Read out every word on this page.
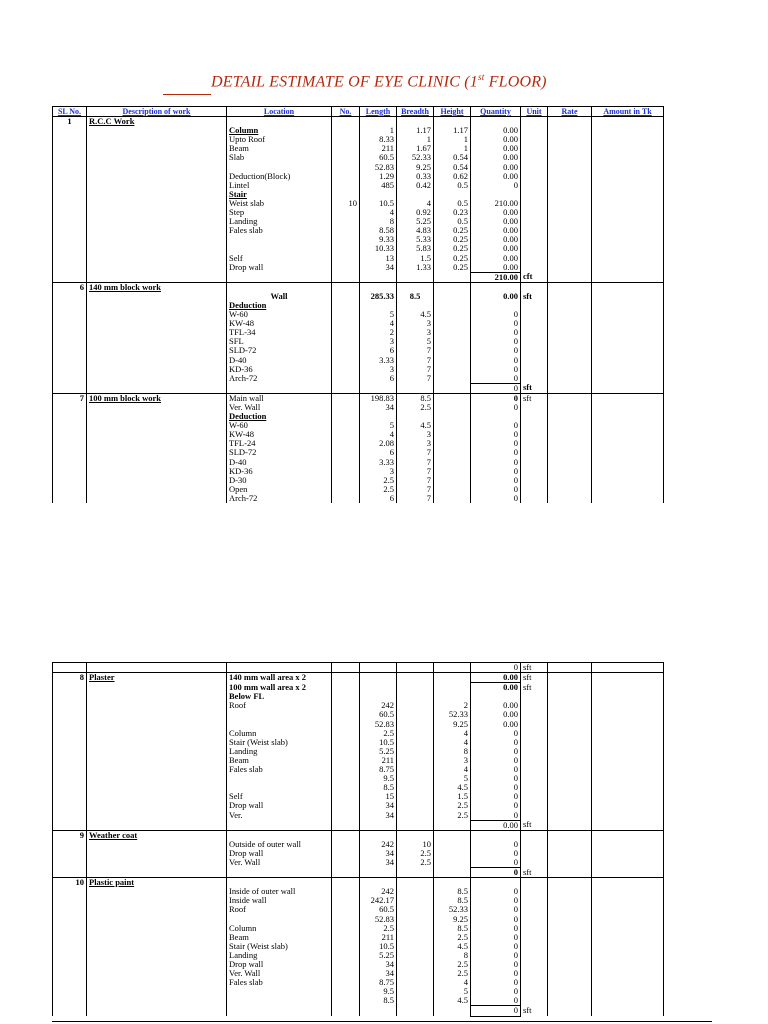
DETAIL ESTIMATE OF EYE CLINIC (1st FLOOR)
SL No.	Description of work	Location	No.	Length	Breadth	Height	Quantity	Unit	Rate	Amount in Tk
1	R.C.C Work									
		Column		1	1.17	1.17	0.00			
		Upto Roof		8.33	1	1	0.00			
		Beam		211	1.67	1	0.00			
		Slab		60.5	52.33	0.54	0.00			
				52.83	9.25	0.54	0.00			
		Deduction(Block)		1.29	0.33	0.62	0.00			
		Lintel		485	0.42	0.5	0			
		Stair								
		Weist slab	10	10.5	4	0.5	210.00			
		Step		4	0.92	0.23	0.00			
		Landing		8	5.25	0.5	0.00			
		Fales slab		8.58	4.83	0.25	0.00			
				9.33	5.33	0.25	0.00			
				10.33	5.83	0.25	0.00			
		Self		13	1.5	0.25	0.00			
		Drop wall		34	1.33	0.25	0.00			
							210.00	cft		
6	140 mm block work									
		Wall		285.33	8.5		0.00	sft		
		Deduction								
		W-60		5	4.5		0			
		KW-48		4	3		0			
		TFL-34		2	3		0			
		SFL		3	5		0			
		SLD-72		6	7		0			
		D-40		3.33	7		0			
		KD-36		3	7		0			
		Arch-72		6	7		0			
							0	sft		
7	100 mm block work	Main wall		198.83	8.5		0	sft		
		Ver. Wall		34	2.5		0			
		Deduction								
		W-60		5	4.5		0			
		KW-48		4	3		0			
		TFL-24		2.08	3		0			
		SLD-72		6	7		0			
		D-40		3.33	7		0			
		KD-36		3	7		0			
		D-30		2.5	7		0			
		Open		2.5	7		0			
		Arch-72		6	7		0			
							0	sft		
8	Plaster	140 mm wall area x 2					0.00	sft		
		100 mm wall area x 2					0.00	sft		
		Below FL								
		Roof		242		2	0.00			
				60.5		52.33	0.00			
				52.83		9.25	0.00			
		Column		2.5		4	0			
		Stair (Weist slab)		10.5		4	0			
		Landing		5.25		8	0			
		Beam		211		3	0			
		Fales slab		8.75		4	0			
				9.5		5	0			
				8.5		4.5	0			
		Self		15		1.5	0			
		Drop wall		34		2.5	0			
		Ver.		34		2.5	0			
							0.00	sft		
9	Weather coat									

		Outside of outer wall		242	10		0			
		Drop wall		34	2.5		0			
		Ver. Wall		34	2.5		0			
							0	sft		
10	Plastic paint									

		Inside of outer wall		242		8.5	0			
		Inside wall		242.17		8.5	0			
		Roof		60.5		52.33	0			
				52.83		9.25	0			
		Column		2.5		8.5	0			
		Beam		211		2.5	0			
		Stair (Weist slab)		10.5		4.5	0			
		Landing		5.25		8	0			
		Drop wall		34		2.5	0			
		Ver. Wall		34		2.5	0			
		Fales slab		8.75		4	0			
				9.5		5	0			
				8.5		4.5	0			
							0	sft		
